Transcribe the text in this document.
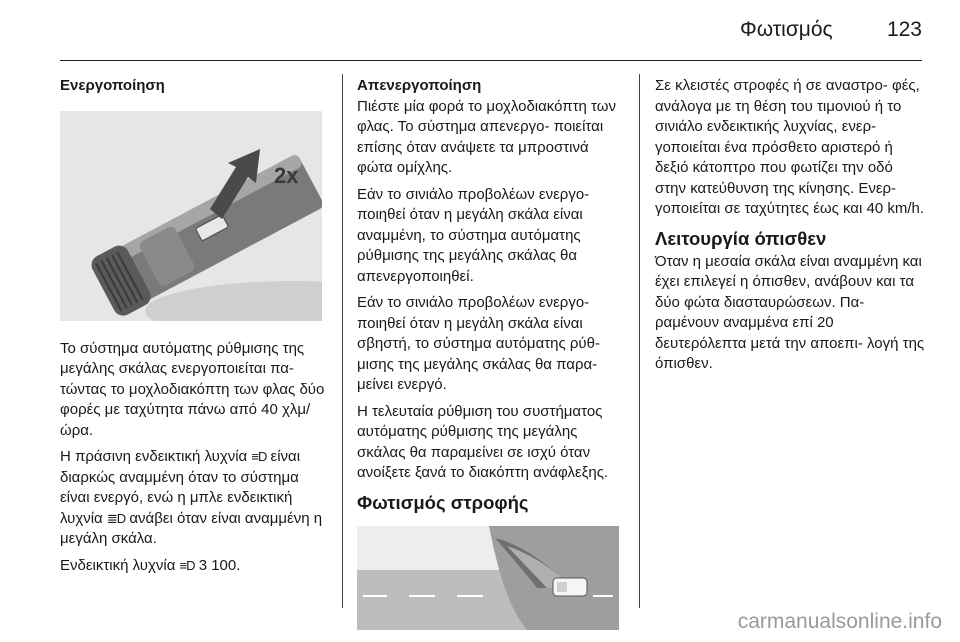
Φωτισμός	123
Ενεργοποίηση
2x

Το σύστημα αυτόματης ρύθμισης της μεγάλης σκάλας ενεργοποιείται πα- τώντας το μοχλοδιακόπτη των φλας δύο φορές με ταχύτητα πάνω από 40 χλμ/ώρα.

Η πράσινη ενδεικτική λυχνία ≡D είναι διαρκώς αναμμένη όταν το σύστημα είναι ενεργό, ενώ η μπλε ενδεικτική λυχνία ≣D ανάβει όταν είναι αναμμένη η μεγάλη σκάλα.

Ενδεικτική λυχνία ≡D 3 100.

Απενεργοποίηση

Πιέστε μία φορά το μοχλοδιακόπτη των φλας. Το σύστημα απενεργο- ποιείται επίσης όταν ανάψετε τα μπροστινά φώτα ομίχλης.

Εάν το σινιάλο προβολέων ενεργο- ποιηθεί όταν η μεγάλη σκάλα είναι αναμμένη, το σύστημα αυτόματης ρύθμισης της μεγάλης σκάλας θα απενεργοποιηθεί.

Εάν το σινιάλο προβολέων ενεργο- ποιηθεί όταν η μεγάλη σκάλα είναι σβηστή, το σύστημα αυτόματης ρύθ- μισης της μεγάλης σκάλας θα παρα- μείνει ενεργό.

Η τελευταία ρύθμιση του συστήματος αυτόματης ρύθμισης της μεγάλης σκάλας θα παραμείνει σε ισχύ όταν ανοίξετε ξανά το διακόπτη ανάφλεξης.

Φωτισμός στροφής

Σε κλειστές στροφές ή σε αναστρο- φές, ανάλογα με τη θέση του τιμονιού ή το σινιάλο ενδεικτικής λυχνίας, ενερ- γοποιείται ένα πρόσθετο αριστερό ή δεξιό κάτοπτρο που φωτίζει την οδό στην κατεύθυνση της κίνησης. Ενερ- γοποιείται σε ταχύτητες έως και 40 km/h.

Λειτουργία όπισθεν

Όταν η μεσαία σκάλα είναι αναμμένη και έχει επιλεγεί η όπισθεν, ανάβουν και τα δύο φώτα διασταυρώσεων. Πα- ραμένουν αναμμένα επί 20 δευτερόλεπτα μετά την αποεπι- λογή της όπισθεν.

carmanualsonline.info
